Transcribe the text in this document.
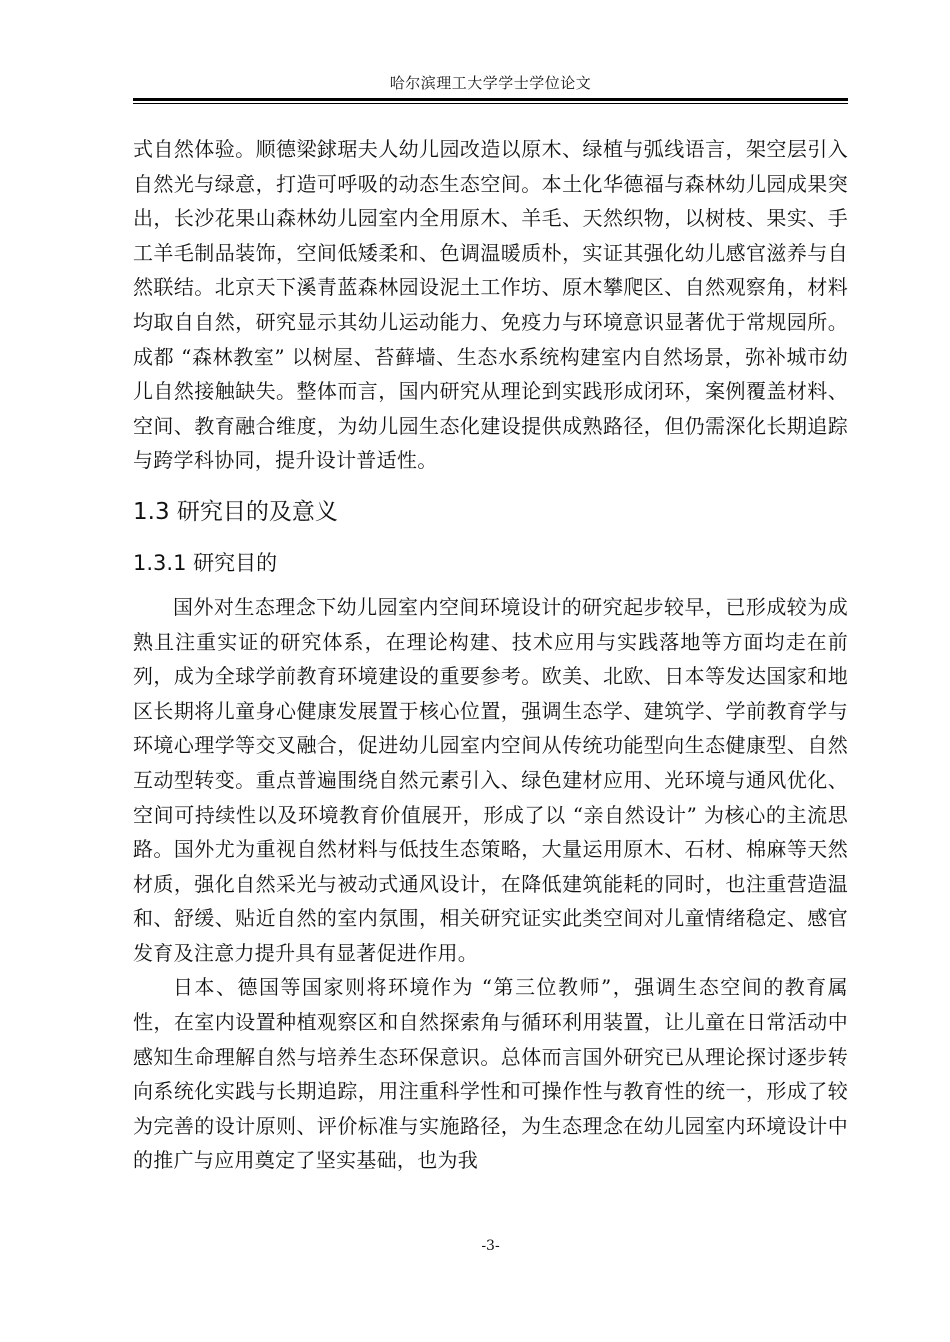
哈尔滨理工大学学士学位论文

式自然体验。顺德梁銶琚夫人幼儿园改造以原木、绿植与弧线语言，架空层引入自然光与绿意，打造可呼吸的动态生态空间。本土化华德福与森林幼儿园成果突出，长沙花果山森林幼儿园室内全用原木、羊毛、天然织物，以树枝、果实、手工羊毛制品装饰，空间低矮柔和、色调温暖质朴，实证其强化幼儿感官滋养与自然联结。北京天下溪青蓝森林园设泥土工作坊、原木攀爬区、自然观察角，材料均取自自然，研究显示其幼儿运动能力、免疫力与环境意识显著优于常规园所。成都 “森林教室” 以树屋、苔藓墙、生态水系统构建室内自然场景，弥补城市幼儿自然接触缺失。整体而言，国内研究从理论到实践形成闭环，案例覆盖材料、空间、教育融合维度，为幼儿园生态化建设提供成熟路径，但仍需深化长期追踪与跨学科协同，提升设计普适性。

1.3 研究目的及意义
1.3.1 研究目的

国外对生态理念下幼儿园室内空间环境设计的研究起步较早，已形成较为成熟且注重实证的研究体系，在理论构建、技术应用与实践落地等方面均走在前列，成为全球学前教育环境建设的重要参考。欧美、北欧、日本等发达国家和地区长期将儿童身心健康发展置于核心位置，强调生态学、建筑学、学前教育学与环境心理学等交叉融合，促进幼儿园室内空间从传统功能型向生态健康型、自然互动型转变。重点普遍围绕自然元素引入、绿色建材应用、光环境与通风优化、空间可持续性以及环境教育价值展开，形成了以 “亲自然设计” 为核心的主流思路。国外尤为重视自然材料与低技生态策略，大量运用原木、石材、棉麻等天然材质，强化自然采光与被动式通风设计，在降低建筑能耗的同时，也注重营造温和、舒缓、贴近自然的室内氛围，相关研究证实此类空间对儿童情绪稳定、感官发育及注意力提升具有显著促进作用。

日本、德国等国家则将环境作为 “第三位教师”，强调生态空间的教育属性，在室内设置种植观察区和自然探索角与循环利用装置，让儿童在日常活动中感知生命理解自然与培养生态环保意识。总体而言国外研究已从理论探讨逐步转向系统化实践与长期追踪，用注重科学性和可操作性与教育性的统一，形成了较为完善的设计原则、评价标准与实施路径，为生态理念在幼儿园室内环境设计中的推广与应用奠定了坚实基础，也为我

-3-
